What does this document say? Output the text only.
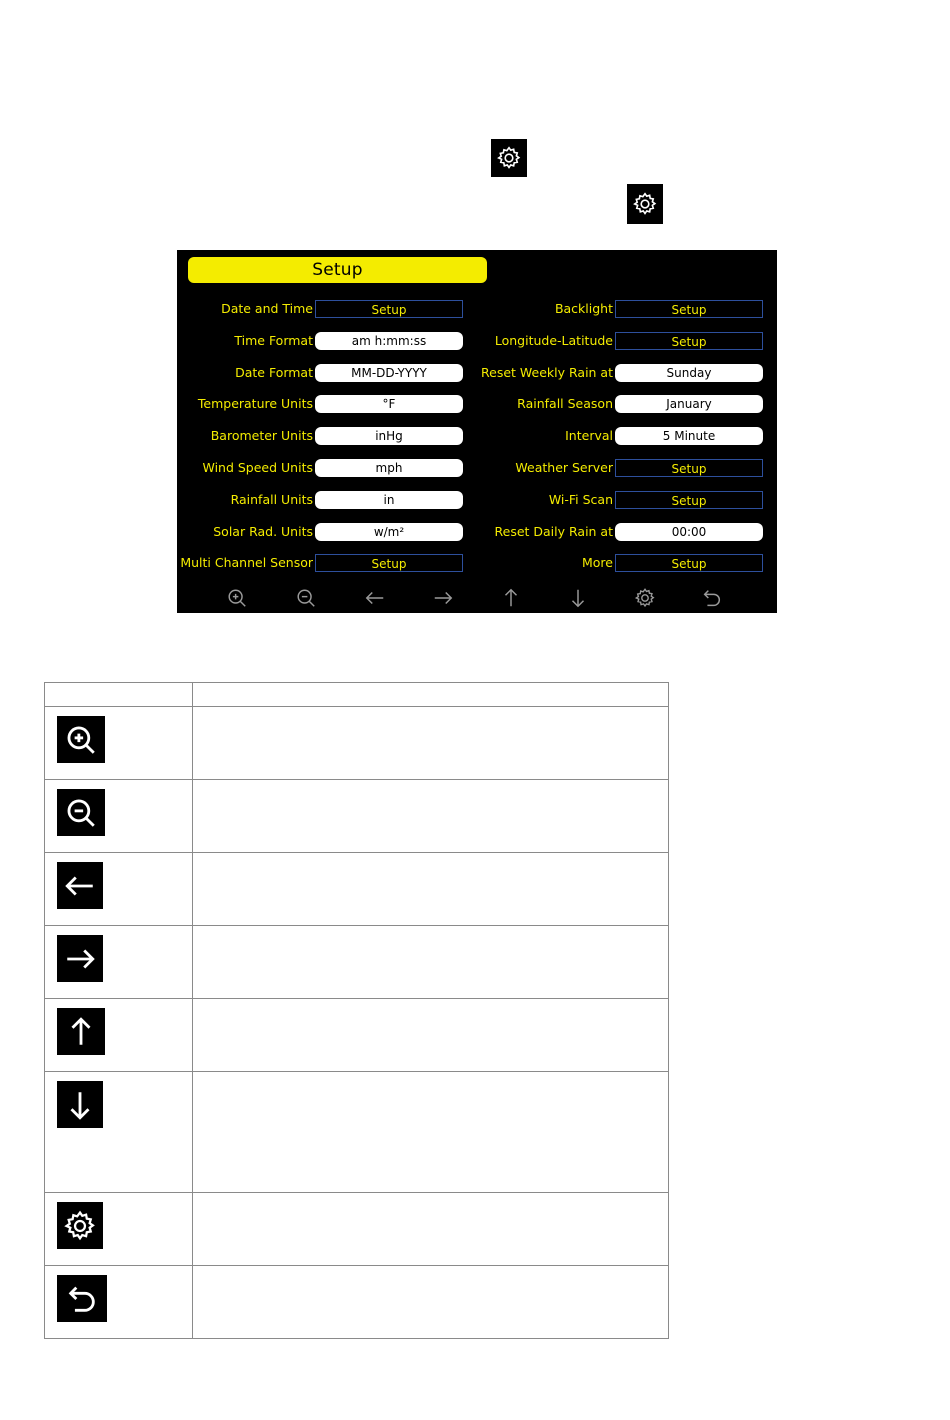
Setup
Date and Time	Setup
Time Format	am h:mm:ss
Date Format	MM-DD-YYYY
Temperature Units	°F
Barometer Units	inHg
Wind Speed Units	mph
Rainfall Units	in
Solar Rad. Units	w/m²
Multi Channel Sensor	Setup
Backlight	Setup
Longitude-Latitude	Setup
Reset Weekly Rain at	Sunday
Rainfall Season	January
Interval	5 Minute
Weather Server	Setup
Wi-Fi Scan	Setup
Reset Daily Rain at	00:00
More	Setup
